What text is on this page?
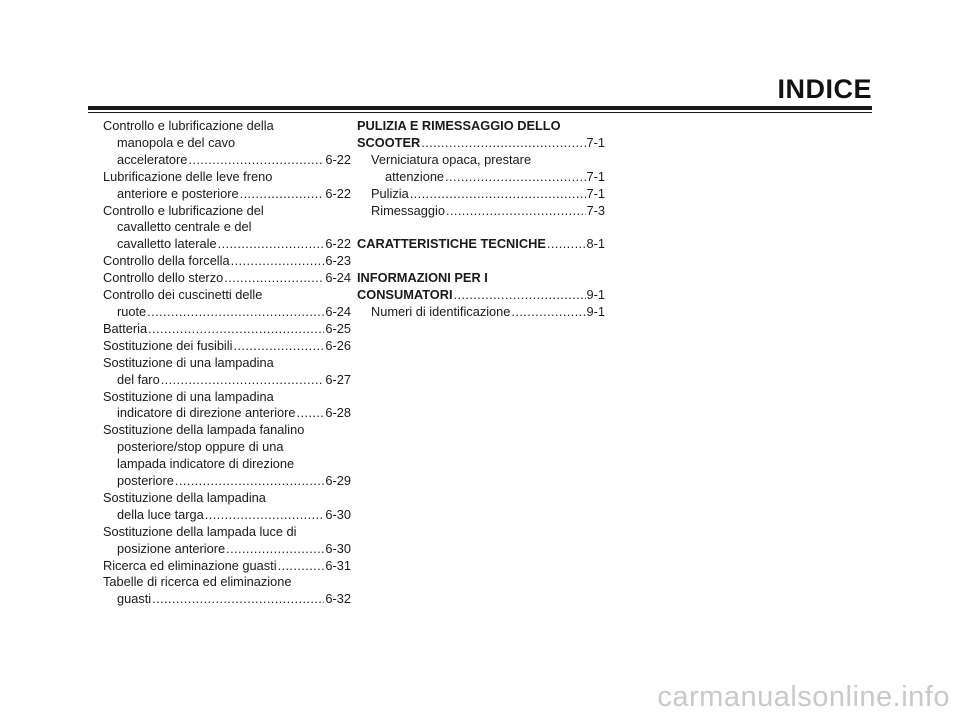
INDICE
Controllo e lubrificazione della
manopola e del cavo
acceleratore .....	6-22
Lubrificazione delle leve freno
anteriore e posteriore .....	6-22
Controllo e lubrificazione del
cavalletto centrale e del
cavalletto laterale .....	6-22
Controllo della forcella .....	6-23
Controllo dello sterzo .....	6-24
Controllo dei cuscinetti delle
ruote .....	6-24
Batteria .....	6-25
Sostituzione dei fusibili .....	6-26
Sostituzione di una lampadina
del faro .....	6-27
Sostituzione di una lampadina
indicatore di direzione anteriore ..... 6-28
Sostituzione della lampada fanalino
posteriore/stop oppure di una
lampada indicatore di direzione
posteriore .....	6-29
Sostituzione della lampadina
della luce targa .....	6-30
Sostituzione della lampada luce di
posizione anteriore .....	6-30
Ricerca ed eliminazione guasti .....	6-31
Tabelle di ricerca ed eliminazione
guasti .....	6-32
PULIZIA E RIMESSAGGIO DELLO
SCOOTER .....	7-1
Verniciatura opaca, prestare
attenzione .....	7-1
Pulizia .....	7-1
Rimessaggio .....	7-3
CARATTERISTICHE TECNICHE .....	8-1
INFORMAZIONI PER I
CONSUMATORI .....	9-1
Numeri di identificazione .....	9-1
carmanualsonline.info
